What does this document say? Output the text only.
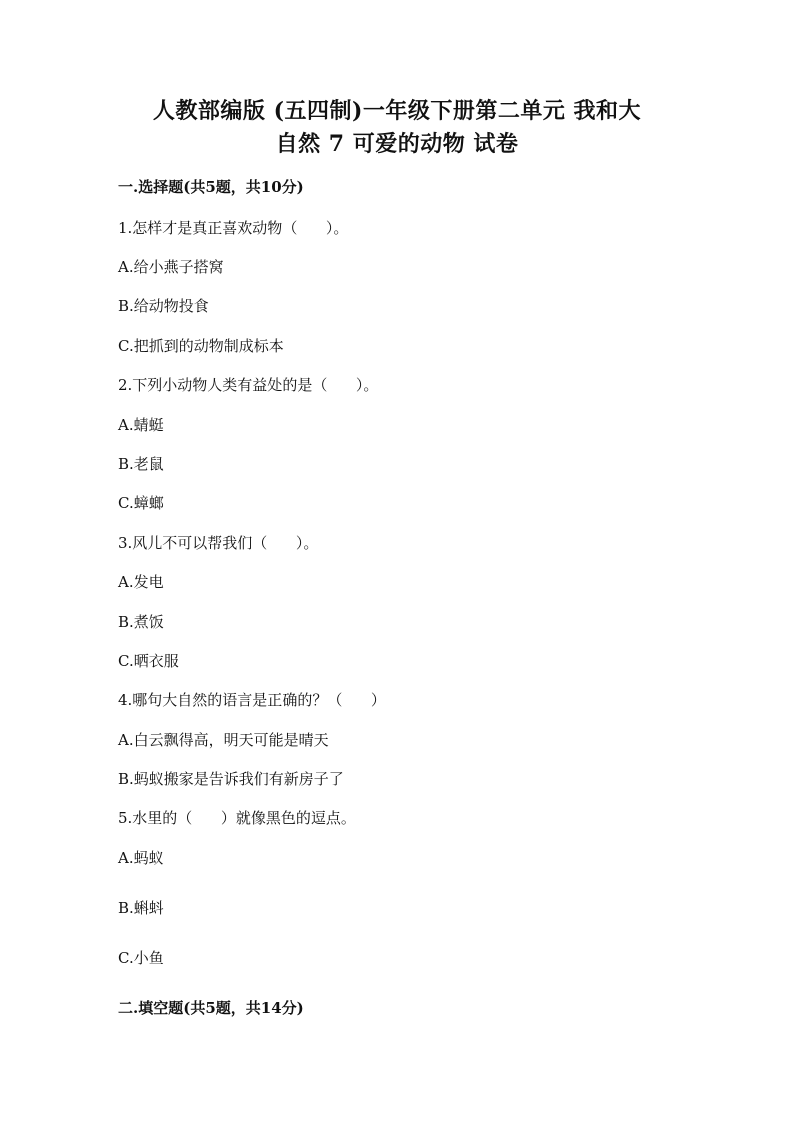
人教部编版 (五四制)一年级下册第二单元 我和大
自然 7 可爱的动物 试卷
一.选择题(共5题，共10分)
1.怎样才是真正喜欢动物（      ）。
A.给小燕子搭窝
B.给动物投食
C.把抓到的动物制成标本
2.下列小动物人类有益处的是（      ）。
A.蜻蜓
B.老鼠
C.蟑螂
3.风儿不可以帮我们（      ）。
A.发电
B.煮饭
C.晒衣服
4.哪句大自然的语言是正确的？（      ）
A.白云飘得高，明天可能是晴天
B.蚂蚁搬家是告诉我们有新房子了
5.水里的（      ）就像黑色的逗点。
A.蚂蚁
B.蝌蚪
C.小鱼
二.填空题(共5题，共14分)
